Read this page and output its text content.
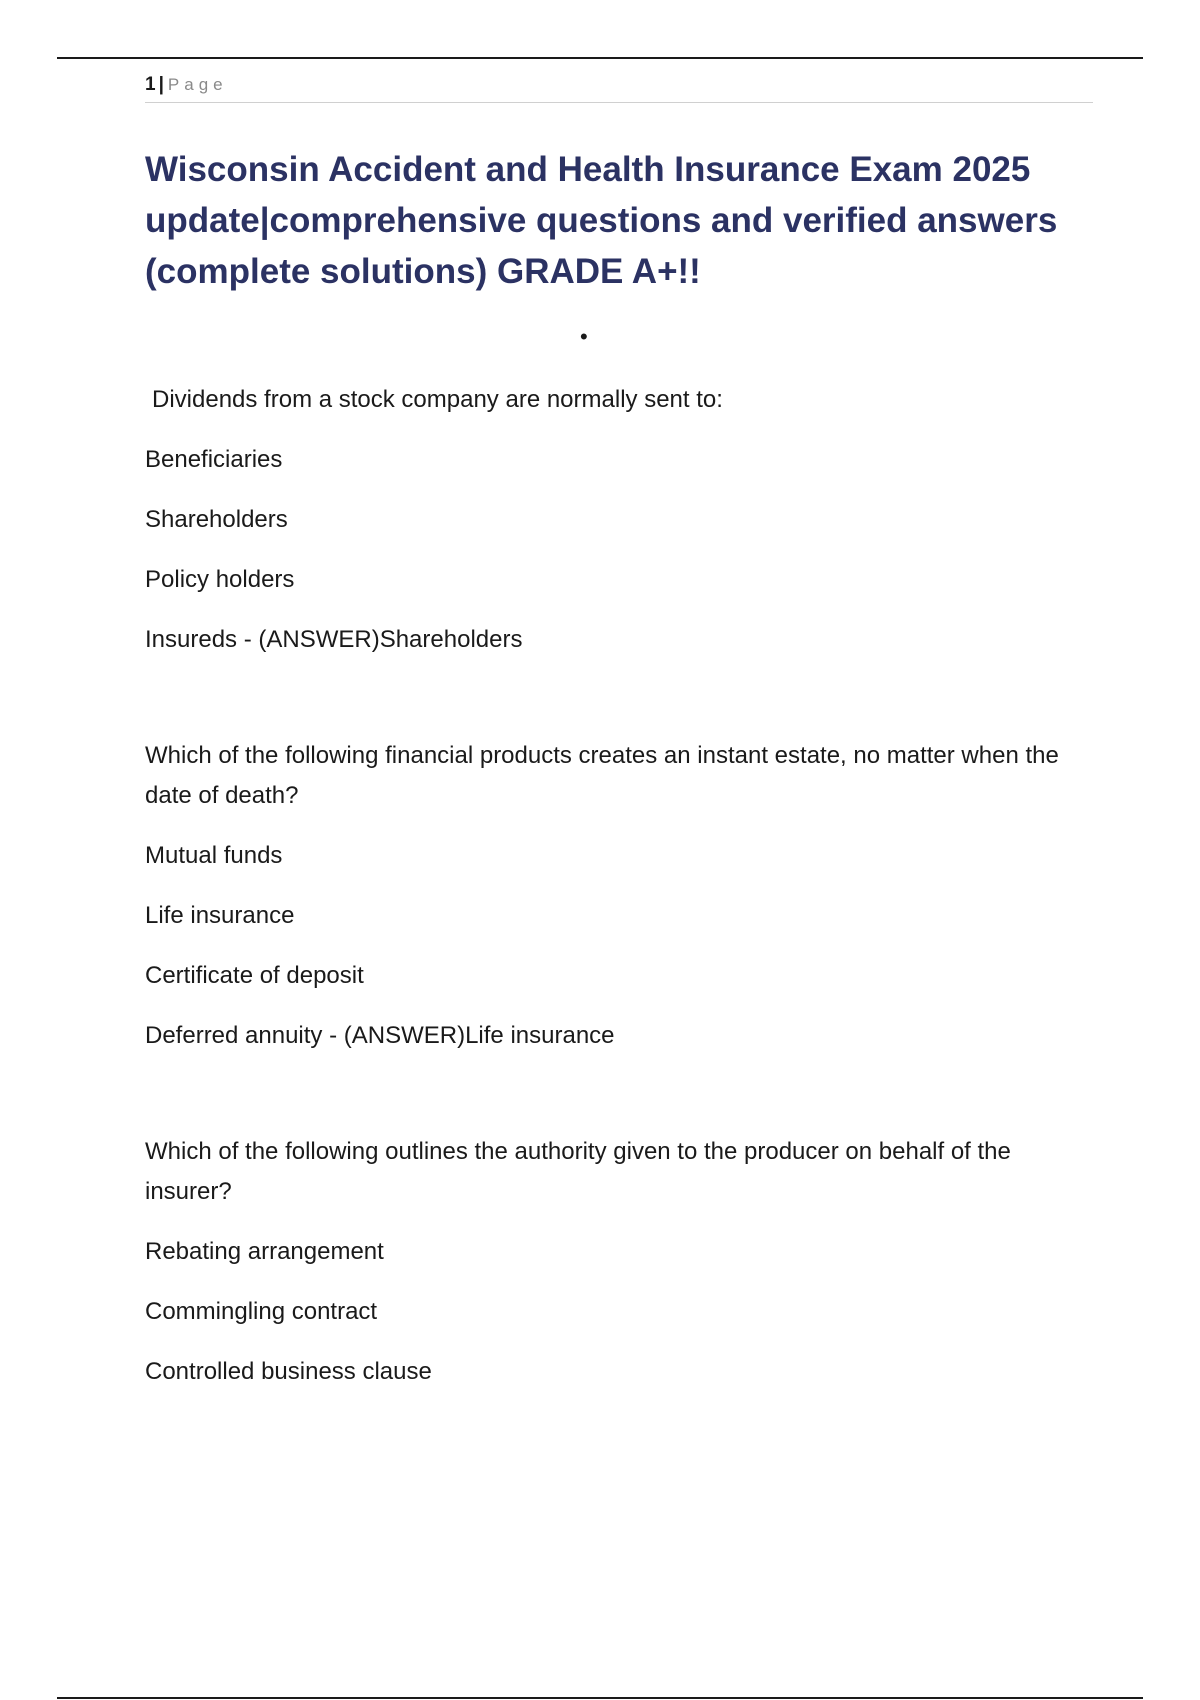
1 | Page
Wisconsin Accident and Health Insurance Exam 2025 update|comprehensive questions and verified answers (complete solutions) GRADE A+!!
•
Dividends from a stock company are normally sent to:
Beneficiaries
Shareholders
Policy holders
Insureds - (ANSWER)Shareholders
Which of the following financial products creates an instant estate, no matter when the date of death?
Mutual funds
Life insurance
Certificate of deposit
Deferred annuity - (ANSWER)Life insurance
Which of the following outlines the authority given to the producer on behalf of the insurer?
Rebating arrangement
Commingling contract
Controlled business clause
